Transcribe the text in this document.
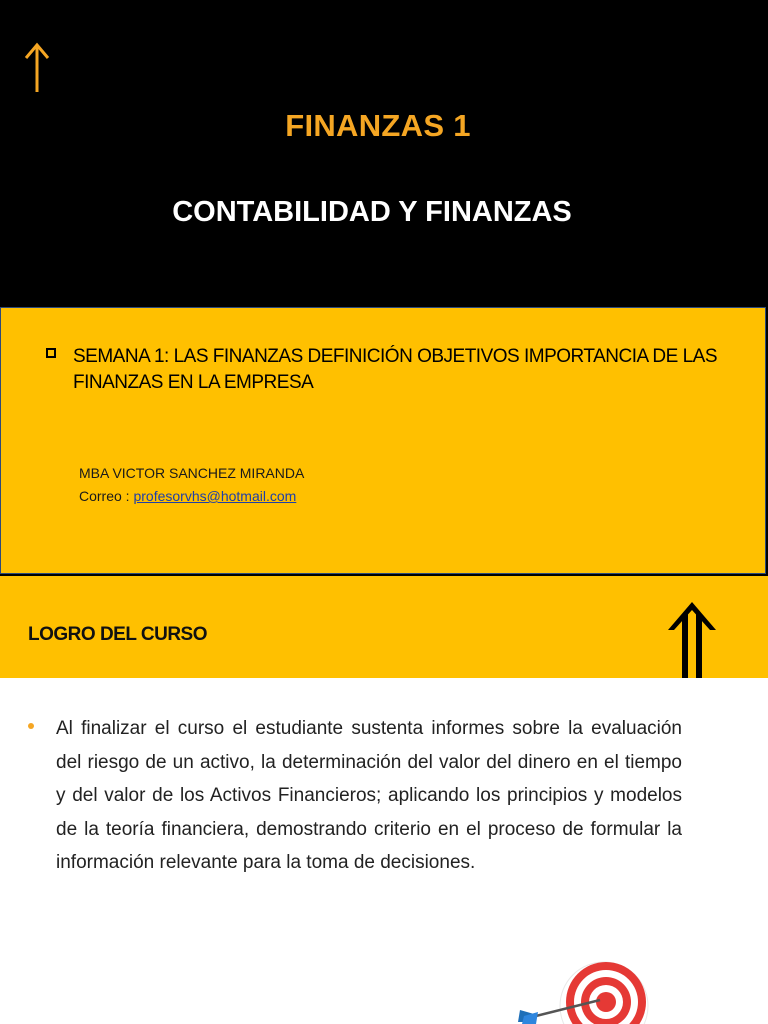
FINANZAS 1
CONTABILIDAD Y FINANZAS
SEMANA 1: LAS FINANZAS DEFINICIÓN OBJETIVOS IMPORTANCIA DE LAS FINANZAS EN LA EMPRESA
MBA VICTOR SANCHEZ MIRANDA
Correo : profesorvhs@hotmail.com
LOGRO DEL CURSO
Al finalizar el curso el estudiante sustenta informes sobre la evaluación del riesgo de un activo, la determinación del valor del dinero en el tiempo y del valor de los Activos Financieros; aplicando los principios y modelos de la teoría financiera, demostrando criterio en el proceso de formular la información relevante para la toma de decisiones.
